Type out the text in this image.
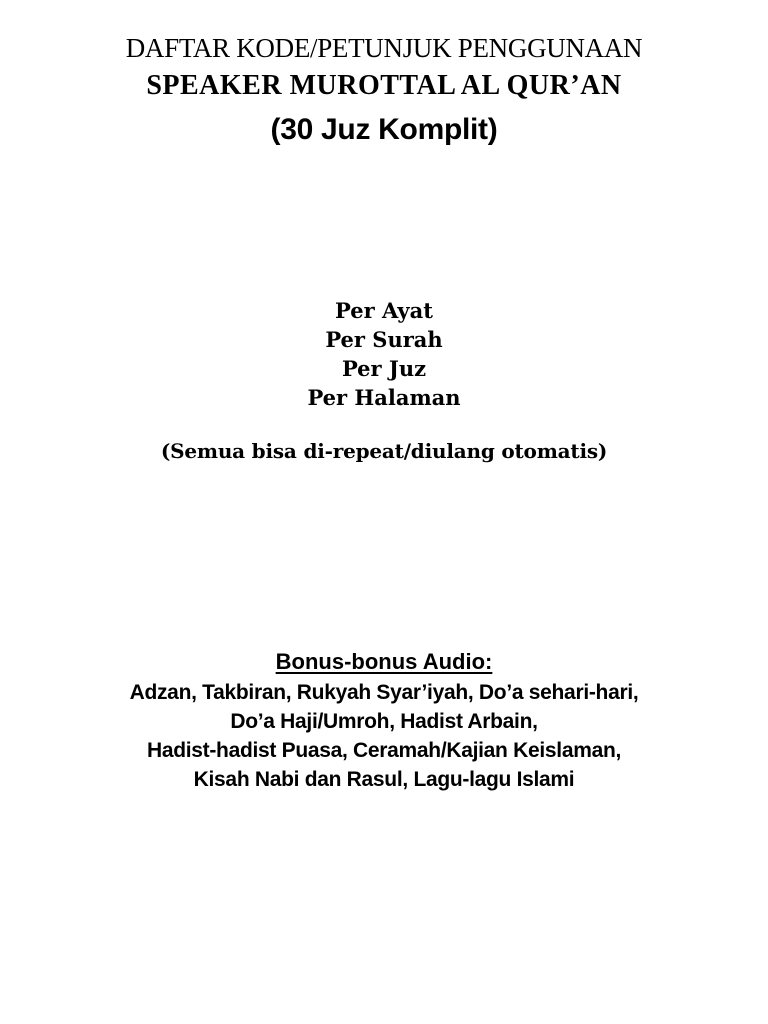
DAFTAR KODE/PETUNJUK PENGGUNAAN
SPEAKER MUROTTAL AL QUR’AN
(30 Juz Komplit)
Per Ayat
Per Surah
Per Juz
Per Halaman

(Semua bisa di-repeat/diulang otomatis)

Bonus-bonus Audio:

Adzan, Takbiran, Rukyah Syar’iyah, Do’a sehari-hari,
Do’a Haji/Umroh, Hadist Arbain,
Hadist-hadist Puasa, Ceramah/Kajian Keislaman,
Kisah Nabi dan Rasul, Lagu-lagu Islami
